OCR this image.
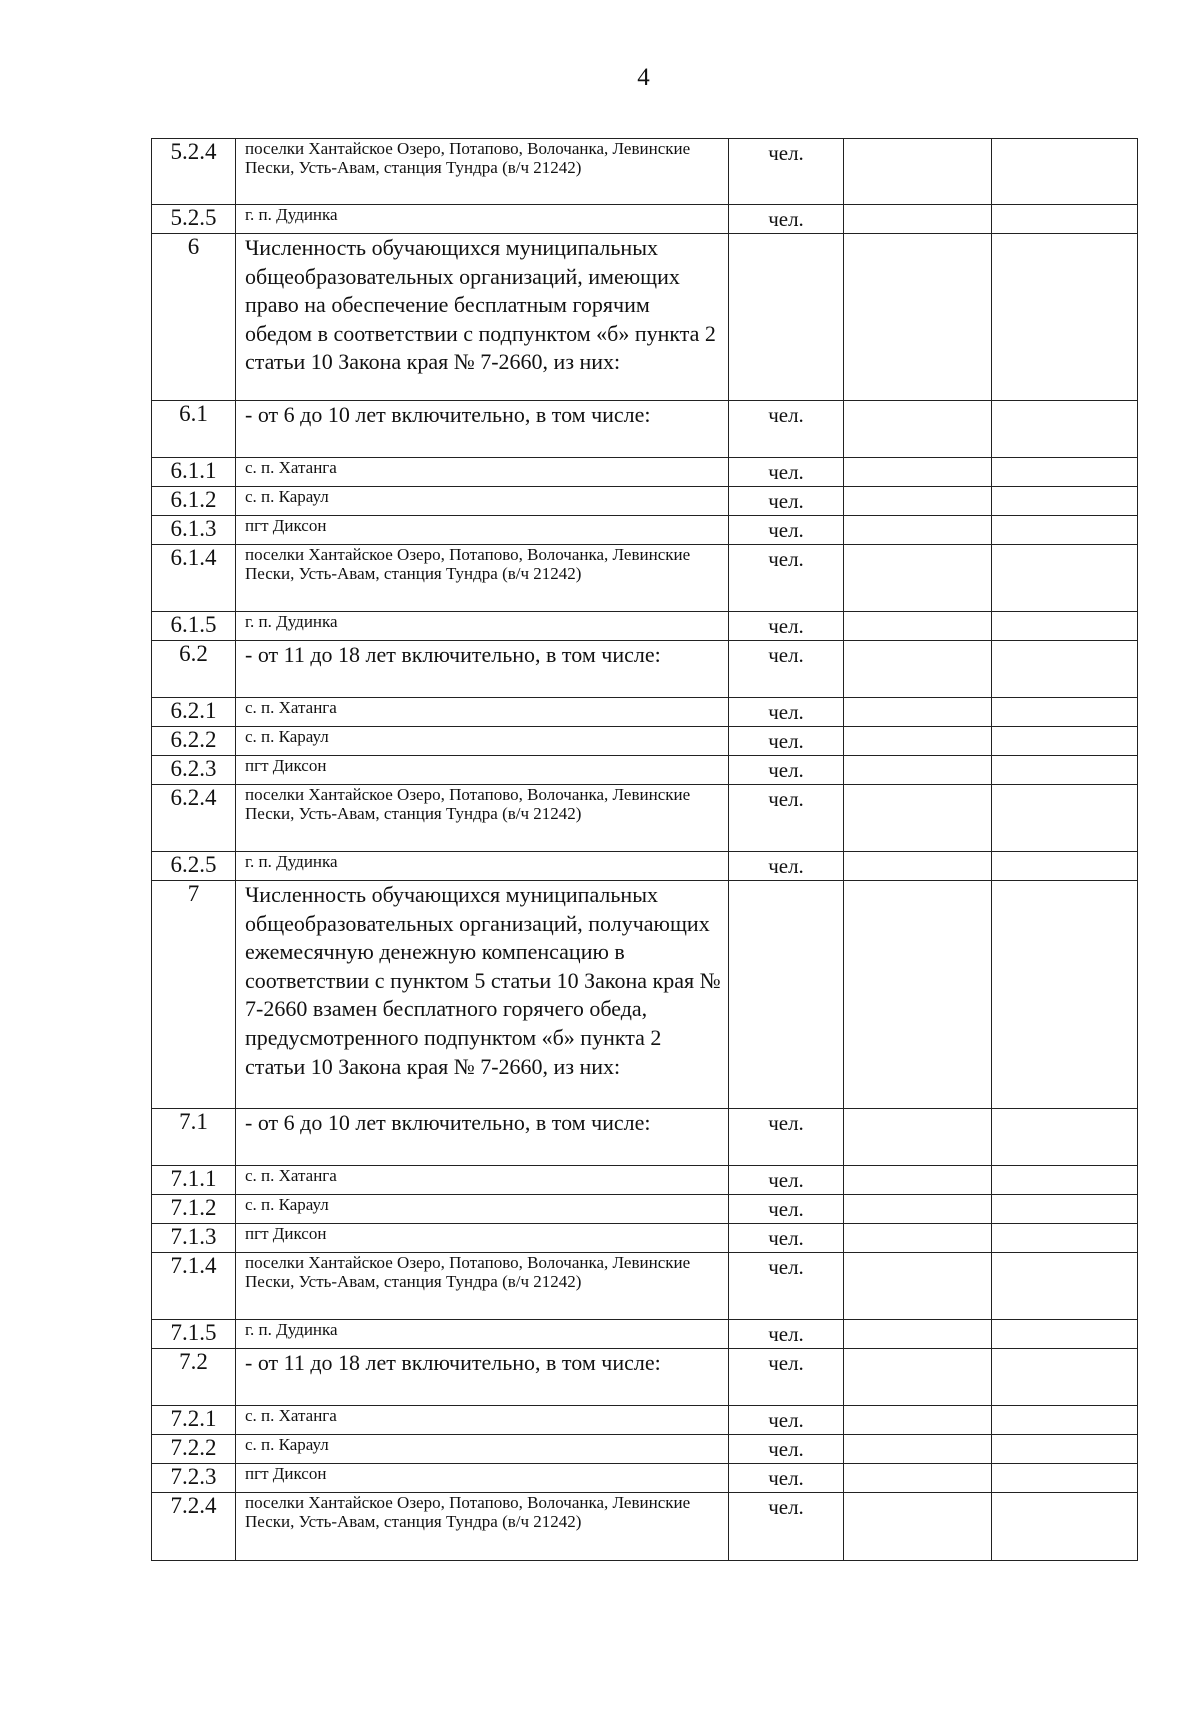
4
5.2.4	поселки Хантайское Озеро, Потапово, Волочанка, Левинские Пески, Усть-Авам, станция Тундра (в/ч 21242)	чел.		
5.2.5	г. п. Дудинка	чел.		
6	Численность обучающихся муниципальных общеобразовательных организаций, имеющих право на обеспечение бесплатным горячим обедом в соответствии с подпунктом «б» пункта 2 статьи 10 Закона края № 7-2660, из них:			
6.1	- от 6 до 10 лет включительно, в том числе:	чел.		
6.1.1	с. п. Хатанга	чел.		
6.1.2	с. п. Караул	чел.		
6.1.3	пгт Диксон	чел.		
6.1.4	поселки Хантайское Озеро, Потапово, Волочанка, Левинские Пески, Усть-Авам, станция Тундра (в/ч 21242)	чел.		
6.1.5	г. п. Дудинка	чел.		
6.2	- от 11 до 18 лет включительно, в том числе:	чел.		
6.2.1	с. п. Хатанга	чел.		
6.2.2	с. п. Караул	чел.		
6.2.3	пгт Диксон	чел.		
6.2.4	поселки Хантайское Озеро, Потапово, Волочанка, Левинские Пески, Усть-Авам, станция Тундра (в/ч 21242)	чел.		
6.2.5	г. п. Дудинка	чел.		
7	Численность обучающихся муниципальных общеобразовательных организаций, получающих ежемесячную денежную компенсацию в соответствии с пунктом 5 статьи 10 Закона края № 7-2660 взамен бесплатного горячего обеда, предусмотренного подпунктом «б» пункта 2 статьи 10 Закона края № 7-2660, из них:			
7.1	- от 6 до 10 лет включительно, в том числе:	чел.		
7.1.1	с. п. Хатанга	чел.		
7.1.2	с. п. Караул	чел.		
7.1.3	пгт Диксон	чел.		
7.1.4	поселки Хантайское Озеро, Потапово, Волочанка, Левинские Пески, Усть-Авам, станция Тундра (в/ч 21242)	чел.		
7.1.5	г. п. Дудинка	чел.		
7.2	- от 11 до 18 лет включительно, в том числе:	чел.		
7.2.1	с. п. Хатанга	чел.		
7.2.2	с. п. Караул	чел.		
7.2.3	пгт Диксон	чел.		
7.2.4	поселки Хантайское Озеро, Потапово, Волочанка, Левинские Пески, Усть-Авам, станция Тундра (в/ч 21242)	чел.		
